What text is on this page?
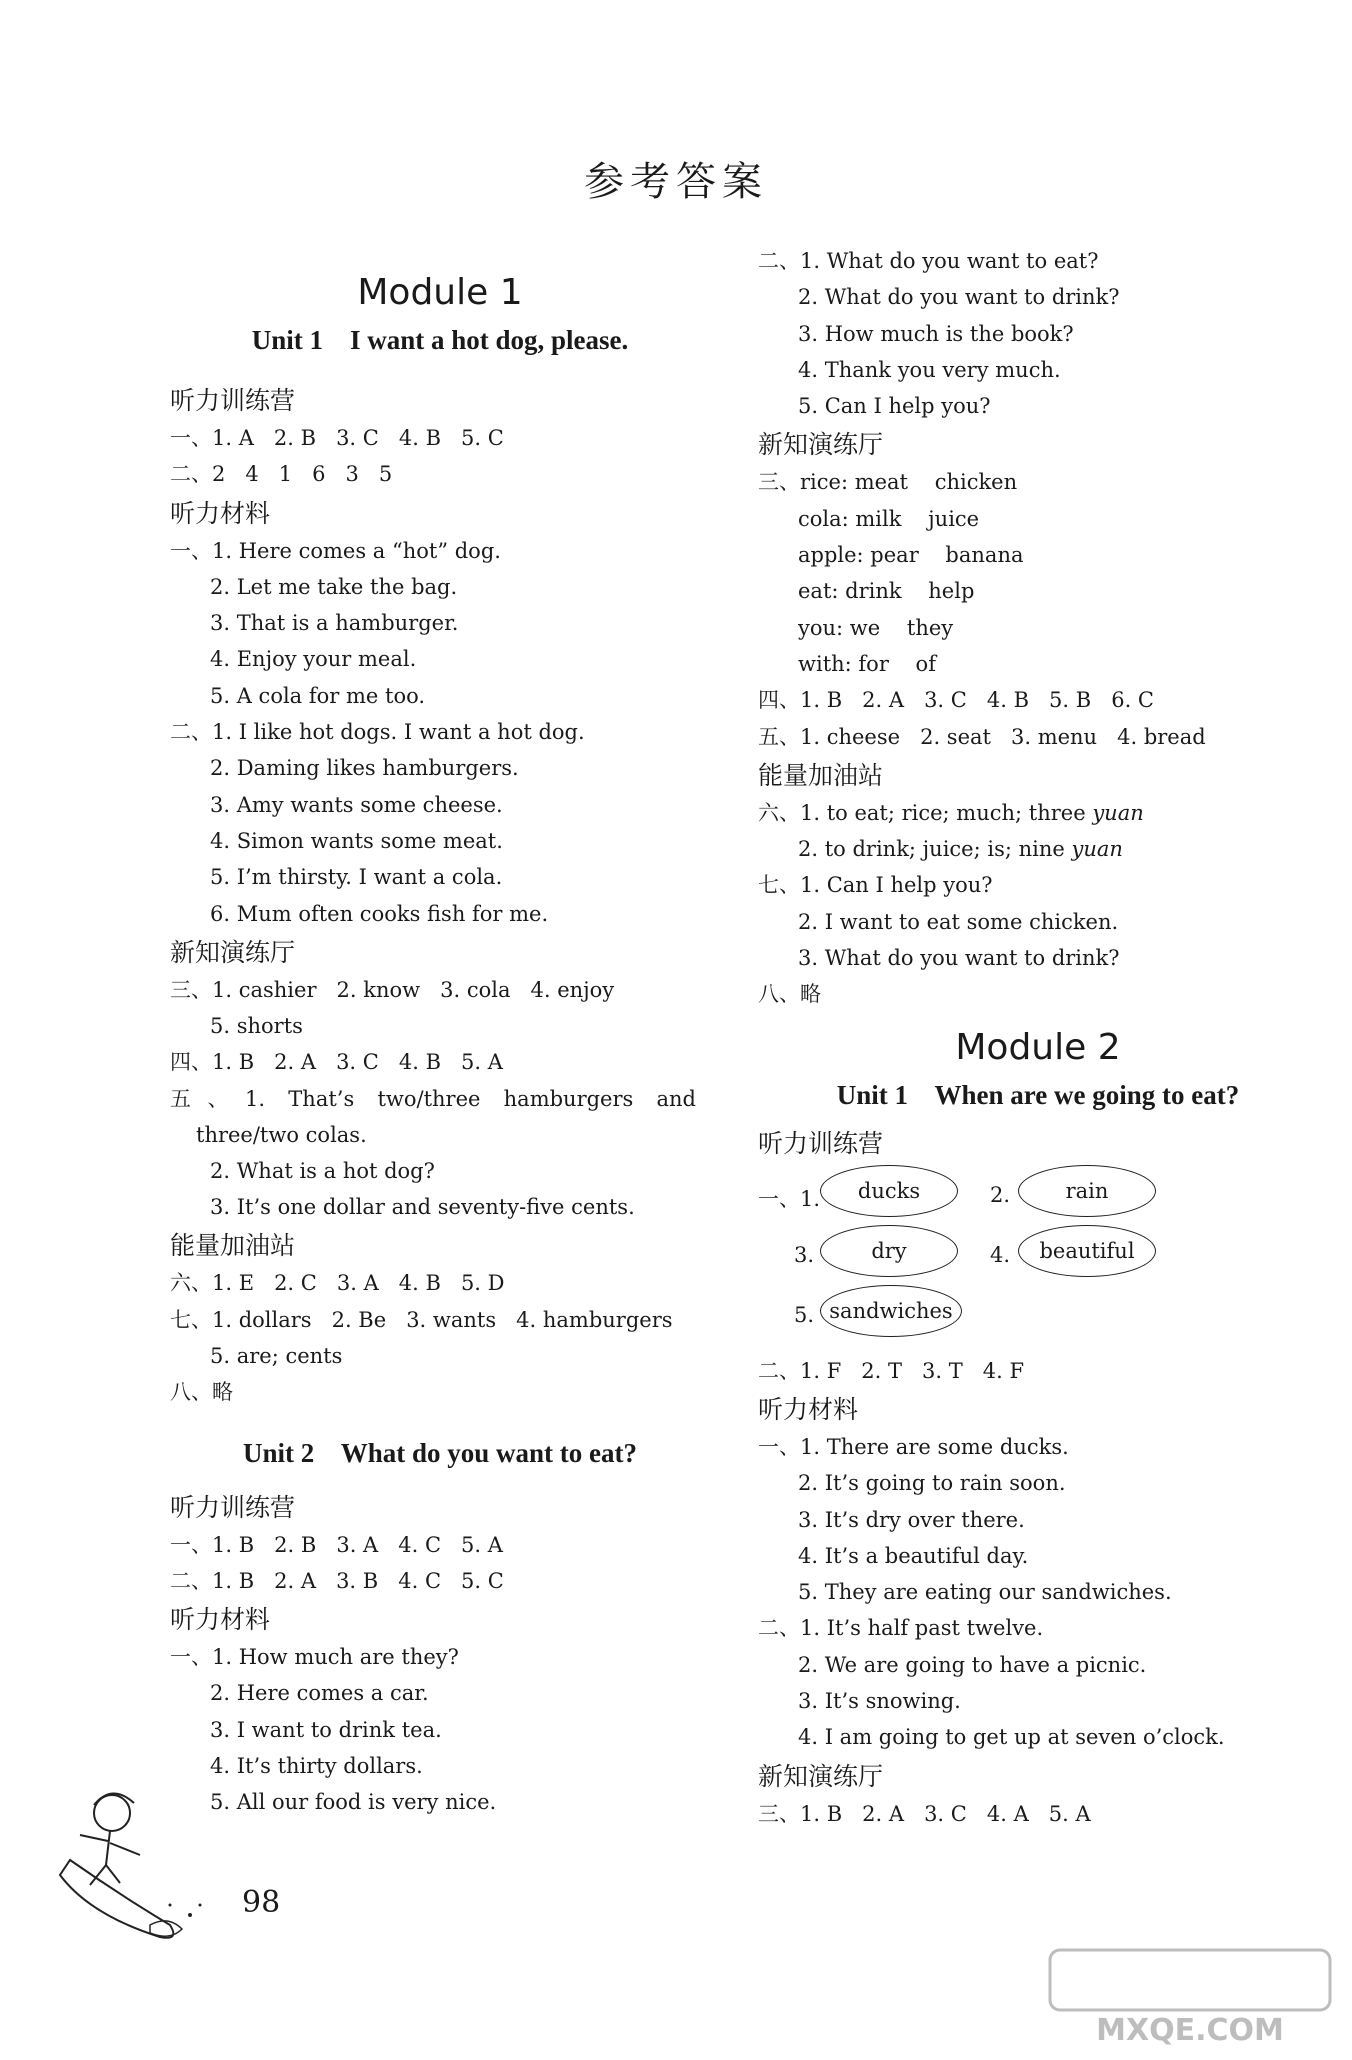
参考答案
Module 1
Unit 1    I want a hot dog, please.
听力训练营
一、1. A   2. B   3. C   4. B   5. C
二、2   4   1   6   3   5
听力材料
一、1. Here comes a “hot” dog.
2. Let me take the bag.
3. That is a hamburger.
4. Enjoy your meal.
5. A cola for me too.
二、1. I like hot dogs. I want a hot dog.
2. Daming likes hamburgers.
3. Amy wants some cheese.
4. Simon wants some meat.
5. I’m thirsty. I want a cola.
6. Mum often cooks fish for me.
新知演练厅
三、1. cashier   2. know   3. cola   4. enjoy
5. shorts
四、1. B   2. A   3. C   4. B   5. A
五、1. That’s two/three hamburgers and three/two colas.
2. What is a hot dog?
3. It’s one dollar and seventy-five cents.
能量加油站
六、1. E   2. C   3. A   4. B   5. D
七、1. dollars   2. Be   3. wants   4. hamburgers
5. are; cents
八、略
Unit 2    What do you want to eat?
听力训练营
一、1. B   2. B   3. A   4. C   5. A
二、1. B   2. A   3. B   4. C   5. C
听力材料
一、1. How much are they?
2. Here comes a car.
3. I want to drink tea.
4. It’s thirty dollars.
5. All our food is very nice.
二、1. What do you want to eat?
2. What do you want to drink?
3. How much is the book?
4. Thank you very much.
5. Can I help you?
新知演练厅
三、rice: meat    chicken
cola: milk    juice
apple: pear    banana
eat: drink    help
you: we    they
with: for    of
四、1. B   2. A   3. C   4. B   5. B   6. C
五、1. cheese   2. seat   3. menu   4. bread
能量加油站
六、1. to eat; rice; much; three yuan
2. to drink; juice; is; nine yuan
七、1. Can I help you?
2. I want to eat some chicken.
3. What do you want to drink?
八、略
Module 2
Unit 1    When are we going to eat?
听力训练营
一、1.	ducks	2.	rain
3.	dry	4.	beautiful
5. sandwiches
二、1. F   2. T   3. T   4. F
听力材料
一、1. There are some ducks.
2. It’s going to rain soon.
3. It’s dry over there.
4. It’s a beautiful day.
5. They are eating our sandwiches.
二、1. It’s half past twelve.
2. We are going to have a picnic.
3. It’s snowing.
4. I am going to get up at seven o’clock.
新知演练厅
三、1. B   2. A   3. C   4. A   5. A
98
MXQE.COM
